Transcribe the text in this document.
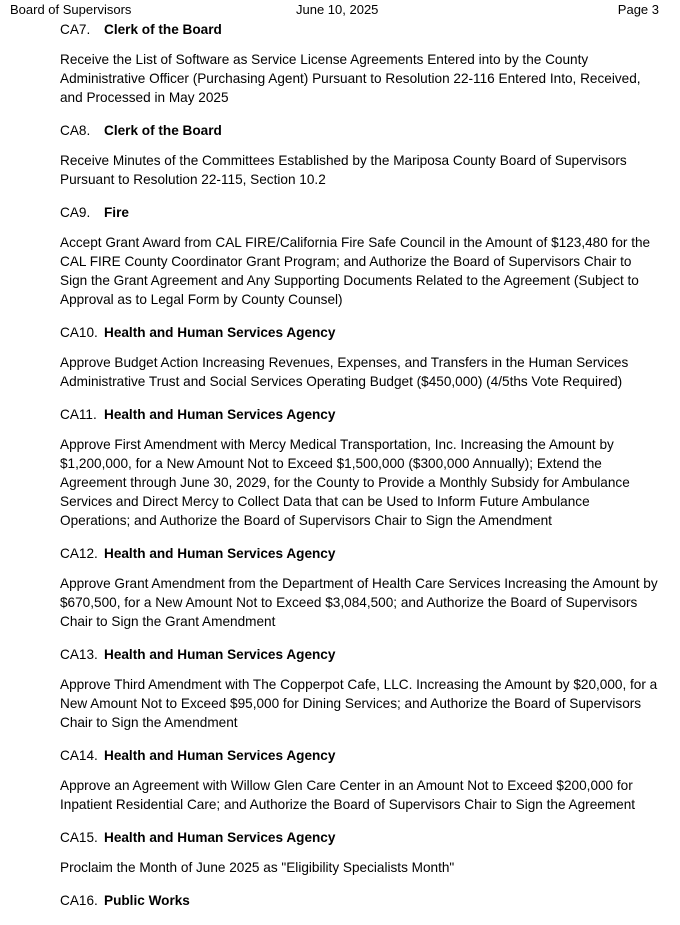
Board of Supervisors	June 10, 2025	Page 3
CA7. Clerk of the Board

Receive the List of Software as Service License Agreements Entered into by the County Administrative Officer (Purchasing Agent) Pursuant to Resolution 22-116 Entered Into, Received, and Processed in May 2025

CA8. Clerk of the Board

Receive Minutes of the Committees Established by the Mariposa County Board of Supervisors Pursuant to Resolution 22-115, Section 10.2

CA9. Fire

Accept Grant Award from CAL FIRE/California Fire Safe Council in the Amount of $123,480 for the CAL FIRE County Coordinator Grant Program; and Authorize the Board of Supervisors Chair to Sign the Grant Agreement and Any Supporting Documents Related to the Agreement (Subject to Approval as to Legal Form by County Counsel)

CA10. Health and Human Services Agency

Approve Budget Action Increasing Revenues, Expenses, and Transfers in the Human Services Administrative Trust and Social Services Operating Budget ($450,000) (4/5ths Vote Required)

CA11. Health and Human Services Agency

Approve First Amendment with Mercy Medical Transportation, Inc. Increasing the Amount by $1,200,000, for a New Amount Not to Exceed $1,500,000 ($300,000 Annually); Extend the Agreement through June 30, 2029, for the County to Provide a Monthly Subsidy for Ambulance Services and Direct Mercy to Collect Data that can be Used to Inform Future Ambulance Operations; and Authorize the Board of Supervisors Chair to Sign the Amendment

CA12. Health and Human Services Agency

Approve Grant Amendment from the Department of Health Care Services Increasing the Amount by $670,500, for a New Amount Not to Exceed $3,084,500; and Authorize the Board of Supervisors Chair to Sign the Grant Amendment

CA13. Health and Human Services Agency

Approve Third Amendment with The Copperpot Cafe, LLC. Increasing the Amount by $20,000, for a New Amount Not to Exceed $95,000 for Dining Services; and Authorize the Board of Supervisors Chair to Sign the Amendment

CA14. Health and Human Services Agency

Approve an Agreement with Willow Glen Care Center in an Amount Not to Exceed $200,000 for Inpatient Residential Care; and Authorize the Board of Supervisors Chair to Sign the Agreement

CA15. Health and Human Services Agency

Proclaim the Month of June 2025 as "Eligibility Specialists Month"

CA16. Public Works
